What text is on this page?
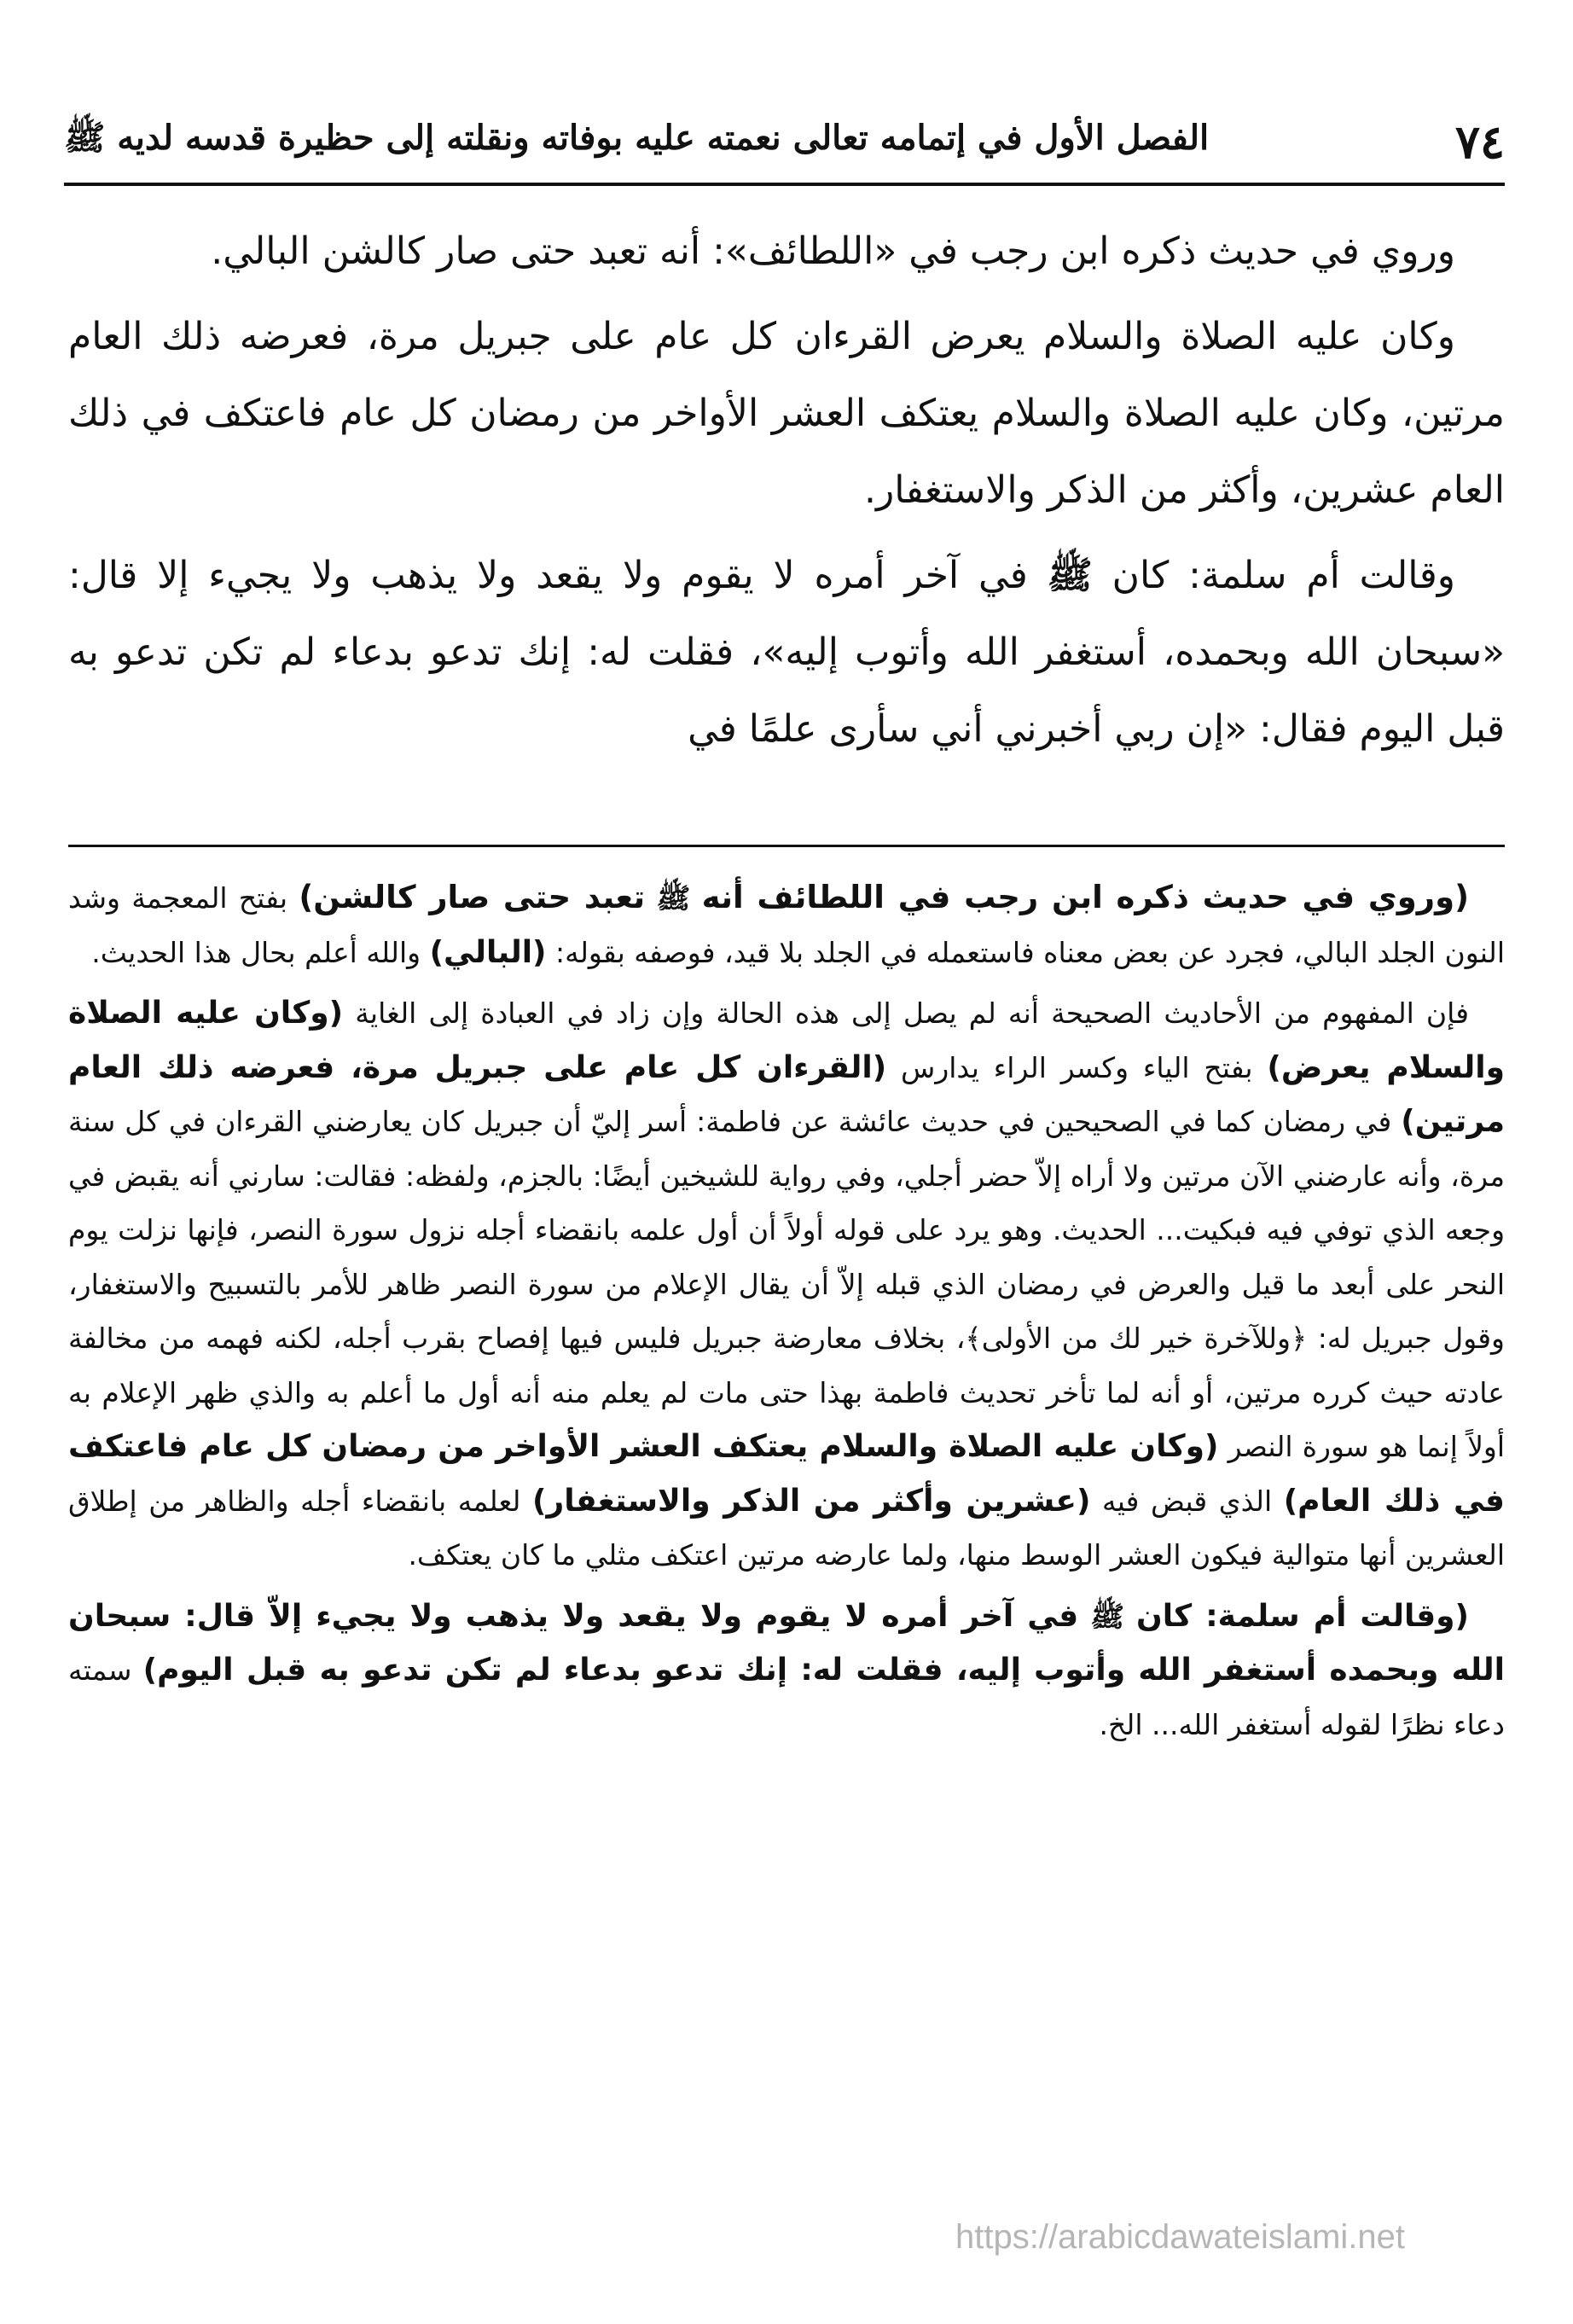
٧٤
الفصل الأول في إتمامه تعالى نعمته عليه بوفاته ونقلته إلى حظيرة قدسه لديه ﷺ

وروي في حديث ذكره ابن رجب في «اللطائف»: أنه تعبد حتى صار كالشن البالي.

وكان عليه الصلاة والسلام يعرض القرءان كل عام على جبريل مرة، فعرضه ذلك العام مرتين، وكان عليه الصلاة والسلام يعتكف العشر الأواخر من رمضان كل عام فاعتكف في ذلك العام عشرين، وأكثر من الذكر والاستغفار.

وقالت أم سلمة: كان ﷺ في آخر أمره لا يقوم ولا يقعد ولا يذهب ولا يجيء إلا قال: «سبحان الله وبحمده، أستغفر الله وأتوب إليه»، فقلت له: إنك تدعو بدعاء لم تكن تدعو به قبل اليوم فقال: «إن ربي أخبرني أني سأرى علمًا في

(وروي في حديث ذكره ابن رجب في اللطائف أنه ﷺ تعبد حتى صار كالشن) بفتح المعجمة وشد النون الجلد البالي، فجرد عن بعض معناه فاستعمله في الجلد بلا قيد، فوصفه بقوله: (البالي) والله أعلم بحال هذا الحديث.

فإن المفهوم من الأحاديث الصحيحة أنه لم يصل إلى هذه الحالة وإن زاد في العبادة إلى الغاية (وكان عليه الصلاة والسلام يعرض) بفتح الياء وكسر الراء يدارس (القرءان كل عام على جبريل مرة، فعرضه ذلك العام مرتين) في رمضان كما في الصحيحين في حديث عائشة عن فاطمة: أسر إليّ أن جبريل كان يعارضني القرءان في كل سنة مرة، وأنه عارضني الآن مرتين ولا أراه إلاّ حضر أجلي، وفي رواية للشيخين أيضًا: بالجزم، ولفظه: فقالت: سارني أنه يقبض في وجعه الذي توفي فيه فبكيت... الحديث. وهو يرد على قوله أولاً أن أول علمه بانقضاء أجله نزول سورة النصر، فإنها نزلت يوم النحر على أبعد ما قيل والعرض في رمضان الذي قبله إلاّ أن يقال الإعلام من سورة النصر ظاهر للأمر بالتسبيح والاستغفار، وقول جبريل له: ﴿وللآخرة خير لك من الأولى﴾، بخلاف معارضة جبريل فليس فيها إفصاح بقرب أجله، لكنه فهمه من مخالفة عادته حيث كرره مرتين، أو أنه لما تأخر تحديث فاطمة بهذا حتى مات لم يعلم منه أنه أول ما أعلم به والذي ظهر الإعلام به أولاً إنما هو سورة النصر (وكان عليه الصلاة والسلام يعتكف العشر الأواخر من رمضان كل عام فاعتكف في ذلك العام) الذي قبض فيه (عشرين وأكثر من الذكر والاستغفار) لعلمه بانقضاء أجله والظاهر من إطلاق العشرين أنها متوالية فيكون العشر الوسط منها، ولما عارضه مرتين اعتكف مثلي ما كان يعتكف.

(وقالت أم سلمة: كان ﷺ في آخر أمره لا يقوم ولا يقعد ولا يذهب ولا يجيء إلاّ قال: سبحان الله وبحمده أستغفر الله وأتوب إليه، فقلت له: إنك تدعو بدعاء لم تكن تدعو به قبل اليوم) سمته دعاء نظرًا لقوله أستغفر الله... الخ.

https://arabicdawateislami.net
